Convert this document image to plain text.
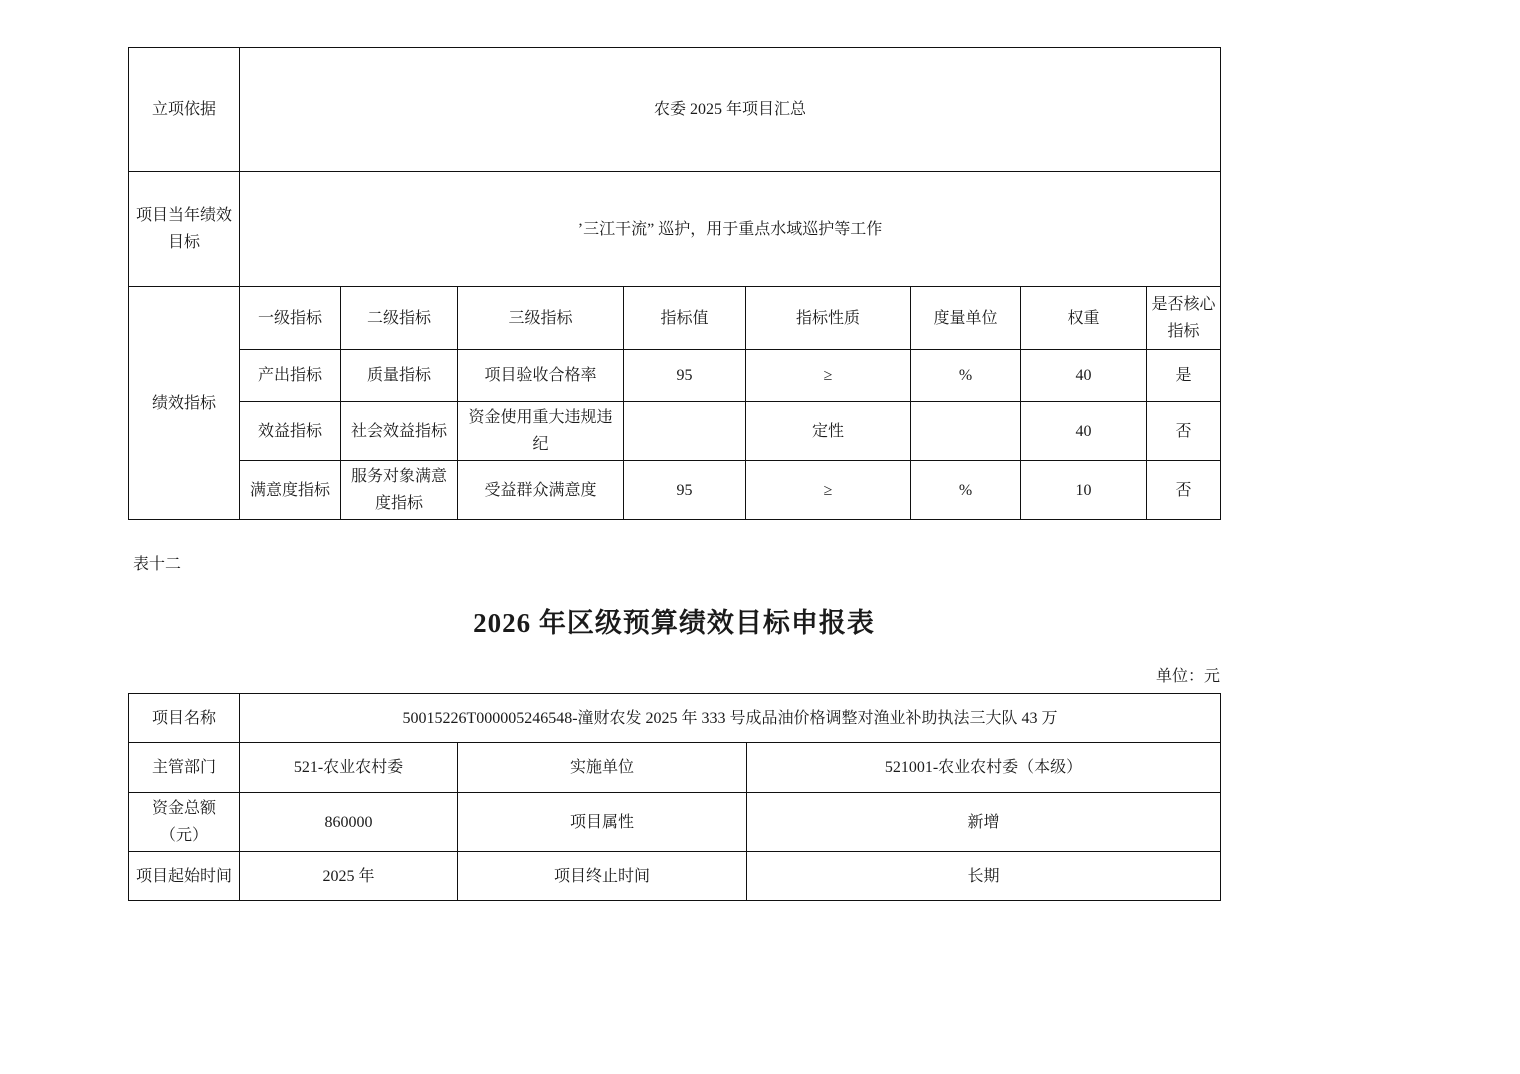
立项依据	农委 2025 年项目汇总							
项目当年绩效目标	’三江干流” 巡护，用于重点水域巡护等工作							
绩效指标	一级指标	二级指标	三级指标	指标值	指标性质	度量单位	权重	是否核心指标
	产出指标	质量指标	项目验收合格率	95	≥	%	40	是
	效益指标	社会效益指标	资金使用重大违规违纪		定性		40	否
	满意度指标	服务对象满意度指标	受益群众满意度	95	≥	%	10	否
表十二
2026 年区级预算绩效目标申报表
单位：元
项目名称	50015226T000005246548-潼财农发 2025 年 333 号成品油价格调整对渔业补助执法三大队 43 万		
主管部门	521-农业农村委	实施单位	521001-农业农村委（本级）
资金总额（元）	860000	项目属性	新增
项目起始时间	2025 年	项目终止时间	长期
